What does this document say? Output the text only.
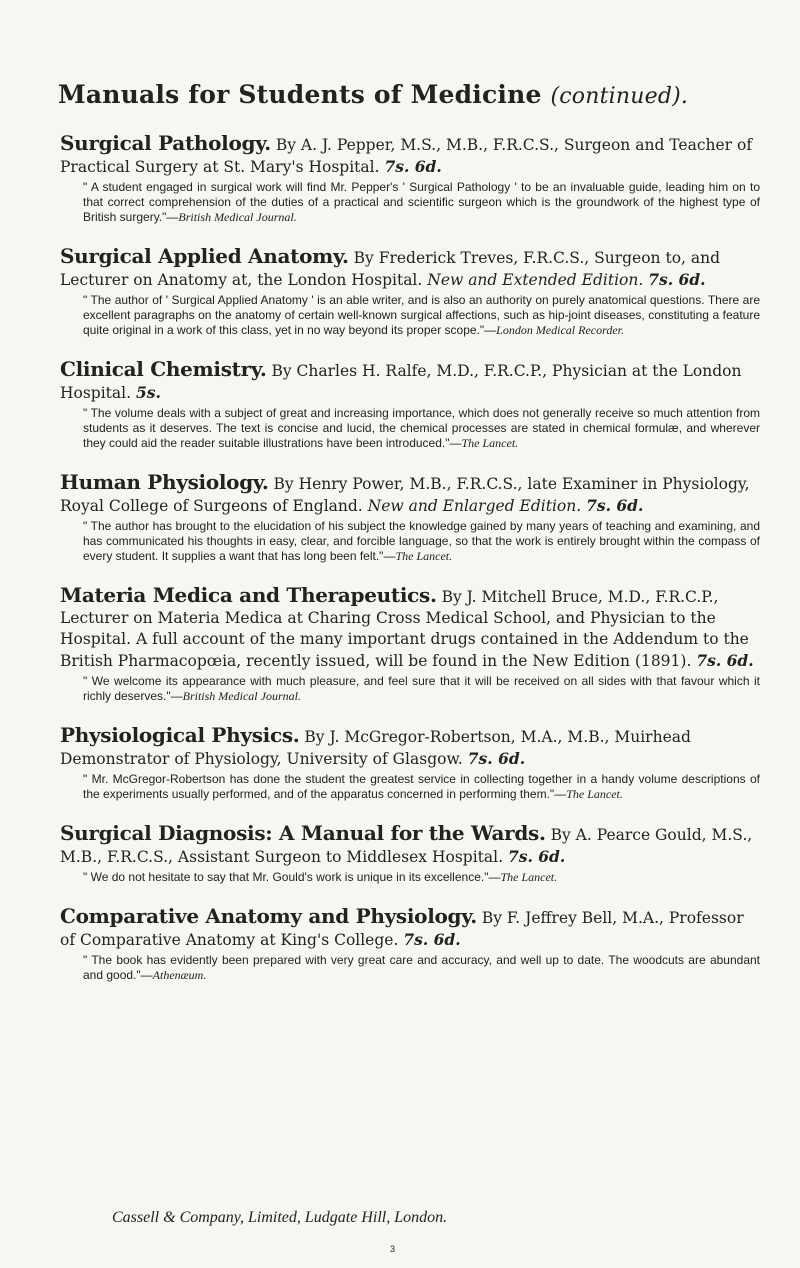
Manuals for Students of Medicine (continued).
Surgical Pathology. By A. J. Pepper, M.S., M.B., F.R.C.S., Surgeon and Teacher of Practical Surgery at St. Mary's Hospital. 7s. 6d.
" A student engaged in surgical work will find Mr. Pepper's ' Surgical Pathology ' to be an invaluable guide, leading him on to that correct comprehension of the duties of a practical and scientific surgeon which is the groundwork of the highest type of British surgery."—British Medical Journal.
Surgical Applied Anatomy. By Frederick Treves, F.R.C.S., Surgeon to, and Lecturer on Anatomy at, the London Hospital. New and Extended Edition. 7s. 6d.
" The author of ' Surgical Applied Anatomy ' is an able writer, and is also an authority on purely anatomical questions. There are excellent paragraphs on the anatomy of certain well-known surgical affections, such as hip-joint diseases, constituting a feature quite original in a work of this class, yet in no way beyond its proper scope."—London Medical Recorder.
Clinical Chemistry. By Charles H. Ralfe, M.D., F.R.C.P., Physician at the London Hospital. 5s.
" The volume deals with a subject of great and increasing importance, which does not generally receive so much attention from students as it deserves. The text is concise and lucid, the chemical processes are stated in chemical formulæ, and wherever they could aid the reader suitable illustrations have been introduced."—The Lancet.
Human Physiology. By Henry Power, M.B., F.R.C.S., late Examiner in Physiology, Royal College of Surgeons of England. New and Enlarged Edition. 7s. 6d.
" The author has brought to the elucidation of his subject the knowledge gained by many years of teaching and examining, and has communicated his thoughts in easy, clear, and forcible language, so that the work is entirely brought within the compass of every student. It supplies a want that has long been felt."—The Lancet.
Materia Medica and Therapeutics. By J. Mitchell Bruce, M.D., F.R.C.P., Lecturer on Materia Medica at Charing Cross Medical School, and Physician to the Hospital. A full account of the many important drugs contained in the Addendum to the British Pharmacopœia, recently issued, will be found in the New Edition (1891). 7s. 6d.
" We welcome its appearance with much pleasure, and feel sure that it will be received on all sides with that favour which it richly deserves."—British Medical Journal.
Physiological Physics. By J. McGregor-Robertson, M.A., M.B., Muirhead Demonstrator of Physiology, University of Glasgow. 7s. 6d.
" Mr. McGregor-Robertson has done the student the greatest service in collecting together in a handy volume descriptions of the experiments usually performed, and of the apparatus concerned in performing them."—The Lancet.
Surgical Diagnosis: A Manual for the Wards. By A. Pearce Gould, M.S., M.B., F.R.C.S., Assistant Surgeon to Middlesex Hospital. 7s. 6d.
" We do not hesitate to say that Mr. Gould's work is unique in its excellence."—The Lancet.
Comparative Anatomy and Physiology. By F. Jeffrey Bell, M.A., Professor of Comparative Anatomy at King's College. 7s. 6d.
" The book has evidently been prepared with very great care and accuracy, and well up to date. The woodcuts are abundant and good."—Athenæum.
Cassell & Company, Limited, Ludgate Hill, London.
3
